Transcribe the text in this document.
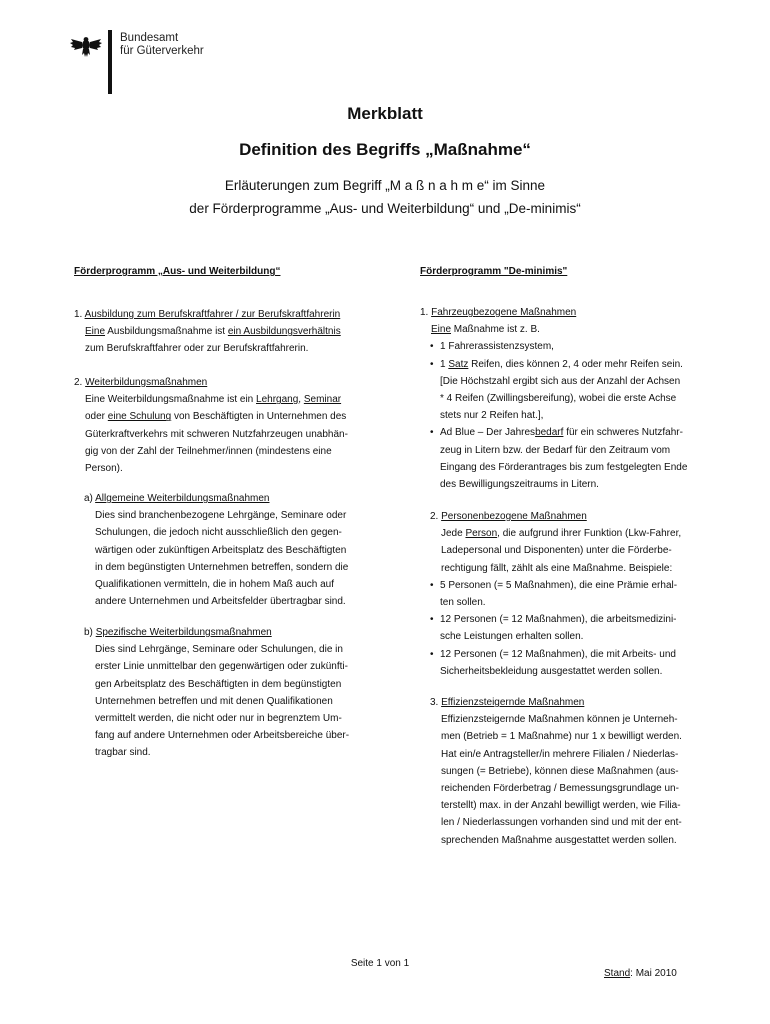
Bundesamt
für Güterverkehr
Merkblatt
Definition des Begriffs „Maßnahme“
Erläuterungen zum Begriff „M a ß n a h m e“ im Sinne
der Förderprogramme „Aus- und Weiterbildung“ und „De-minimis“
Förderprogramm „Aus- und Weiterbildung“
1. Ausbildung zum Berufskraftfahrer / zur Berufskraftfahrerin
Eine Ausbildungsmaßnahme ist ein Ausbildungsverhältnis
zum Berufskraftfahrer oder zur Berufskraftfahrerin.
2. Weiterbildungsmaßnahmen
Eine Weiterbildungsmaßnahme ist ein Lehrgang, Seminar
oder eine Schulung von Beschäftigten in Unternehmen des
Güterkraftverkehrs mit schweren Nutzfahrzeugen unabhän-
gig von der Zahl der Teilnehmer/innen (mindestens eine
Person).
a) Allgemeine Weiterbildungsmaßnahmen
Dies sind branchenbezogene Lehrgänge, Seminare oder
Schulungen, die jedoch nicht ausschließlich den gegen-
wärtigen oder zukünftigen Arbeitsplatz des Beschäftigten
in dem begünstigten Unternehmen betreffen, sondern die
Qualifikationen vermitteln, die in hohem Maß auch auf
andere Unternehmen und Arbeitsfelder übertragbar sind.
b) Spezifische Weiterbildungsmaßnahmen
Dies sind Lehrgänge, Seminare oder Schulungen, die in
erster Linie unmittelbar den gegenwärtigen oder zukünfti-
gen Arbeitsplatz des Beschäftigten in dem begünstigten
Unternehmen betreffen und mit denen Qualifikationen
vermittelt werden, die nicht oder nur in begrenztem Um-
fang auf andere Unternehmen oder Arbeitsbereiche über-
tragbar sind.
Förderprogramm "De-minimis"
1. Fahrzeugbezogene Maßnahmen
Eine Maßnahme ist z. B.
• 1 Fahrerassistenzsystem,
• 1 Satz Reifen, dies können 2, 4 oder mehr Reifen sein.
[Die Höchstzahl ergibt sich aus der Anzahl der Achsen
* 4 Reifen (Zwillingsbereifung), wobei die erste Achse
stets nur 2 Reifen hat.],
• Ad Blue – Der Jahresbedarf für ein schweres Nutzfahr-
zeug in Litern bzw. der Bedarf für den Zeitraum vom
Eingang des Förderantrages bis zum festgelegten Ende
des Bewilligungszeitraums in Litern.
2. Personenbezogene Maßnahmen
Jede Person, die aufgrund ihrer Funktion (Lkw-Fahrer,
Ladepersonal und Disponenten) unter die Förderbe-
rechtigung fällt, zählt als eine Maßnahme. Beispiele:
• 5 Personen (= 5 Maßnahmen), die eine Prämie erhal-
ten sollen.
• 12 Personen (= 12 Maßnahmen), die arbeitsmedizini-
sche Leistungen erhalten sollen.
• 12 Personen (= 12 Maßnahmen), die mit Arbeits- und
Sicherheitsbekleidung ausgestattet werden sollen.
3. Effizienzsteigernde Maßnahmen
Effizienzsteigernde Maßnahmen können je Unterneh-
men (Betrieb = 1 Maßnahme) nur 1 x bewilligt werden.
Hat ein/e Antragsteller/in mehrere Filialen / Niederlas-
sungen (= Betriebe), können diese Maßnahmen (aus-
reichenden Förderbetrag / Bemessungsgrundlage un-
terstellt) max. in der Anzahl bewilligt werden, wie Filia-
len / Niederlassungen vorhanden sind und mit der ent-
sprechenden Maßnahme ausgestattet werden sollen.
Seite 1 von 1
Stand: Mai 2010
